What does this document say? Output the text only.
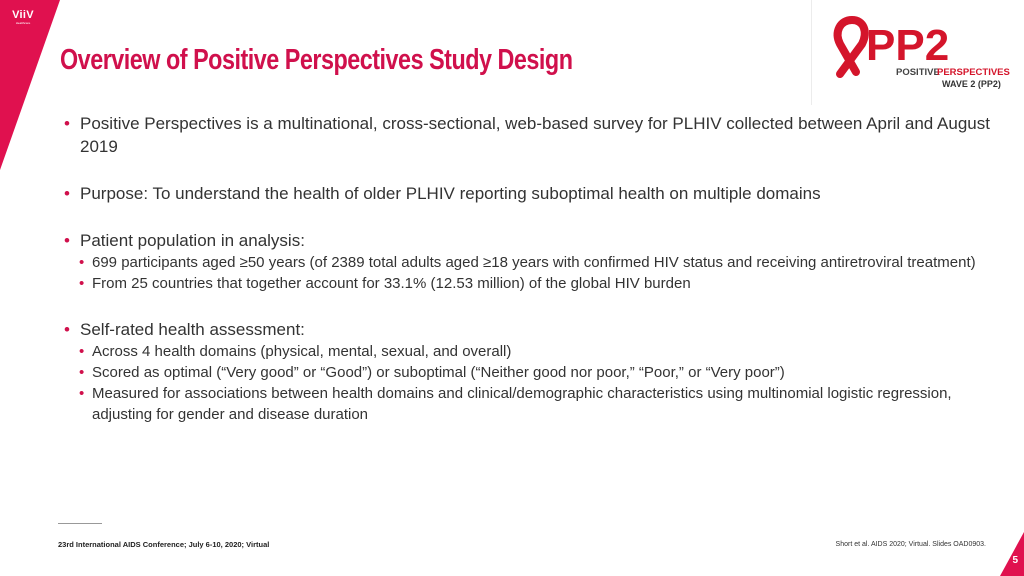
ViiV
Healthcare
Overview of Positive Perspectives Study Design	PP2
POSITIVE
PERSPECTIVES
WAVE 2 (PP2)
• Positive Perspectives is a multinational, cross-sectional, web-based survey for PLHIV collected between April and August 2019
• Purpose: To understand the health of older PLHIV reporting suboptimal health on multiple domains
• Patient population in analysis:
• 699 participants aged ≥50 years (of 2389 total adults aged ≥18 years with confirmed HIV status and receiving antiretroviral treatment)
• From 25 countries that together account for 33.1% (12.53 million) of the global HIV burden
• Self-rated health assessment:
• Across 4 health domains (physical, mental, sexual, and overall)
• Scored as optimal (“Very good” or “Good”) or suboptimal (“Neither good nor poor,” “Poor,” or “Very poor”)
• Measured for associations between health domains and clinical/demographic characteristics using multinomial logistic regression, adjusting for gender and disease duration
23rd International AIDS Conference; July 6-10, 2020; Virtual	Short et al. AIDS 2020; Virtual. Slides OAD0903.
5
